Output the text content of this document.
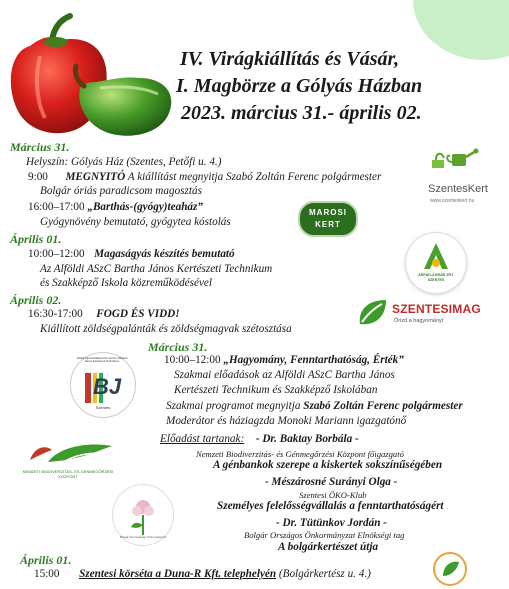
IV. Virágkiállítás és Vásár,
I. Magbörze a Gólyás Házban
2023. március 31.- április 02.
Március 31.
Helyszín: Gólyás Ház (Szentes, Petőfi u. 4.)
9:00 MEGNYITÓ A kiállítást megnyitja Szabó Zoltán Ferenc polgármester
Bolgár óriás paradicsom magosztás
16:00–17:00 „Barthás-(gyógy)teaház”
Gyógynövény bemutató, gyógytea kóstolás
Április 01.
10:00–12:00 Magaságyás készítés bemutató
Az Alföldi ASzC Bartha János Kertészeti Technikum
és Szakképző Iskola közreműködésével
Április 02.
16:30-17:00 FOGD ÉS VIDD!
Kiállított zöldségpalánták és zöldségmagvak szétosztása
Március 31.
10:00–12:00 „Hagyomány, Fenntarthatóság, Érték”
Szakmai előadások az Alföldi ASzC Bartha János
Kertészeti Technikum és Szakképző Iskolában
Szakmai programot megnyitja Szabó Zoltán Ferenc polgármester
Moderátor és háziagzda Monoki Mariann igazgatónő
Előadást tartanak: - Dr. Baktay Borbála -
Nemzeti Biodiverzitás- és Génmegőrzési Központ főigazgató
A génbankok szerepe a kiskertek sokszínűségében
- Mészárosné Surányi Olga -
Szentesi ÖKO-Klub
Személyes felelősségvállalás a fenntarthatóságért
- Dr. Tütünkov Jordán -
Bolgár Országos Önkormányzat Elnökségi tag
A bolgárkertészet útja
Április 01.
15:00 Szentesi körséta a Duna-R Kft. telephelyén (Bolgárkertész u. 4.)
SzentesKert
www.szenteskert.hu
MAROSI
KERT
ÁRPÁD-AGRÁR ZRT. SZENTES
SZENTESIMAG
Őrizd a hagyományt
Alföldi Agrárszakképzési Centrum Bartha János Kertészeti Technikum
BJ
Szentes
NEMZETI BIODIVERZITÁS- ÉS GÉNMEGŐRZÉSI KÖZPONT
Bolgár Nemzetiségi Önkormányzat
